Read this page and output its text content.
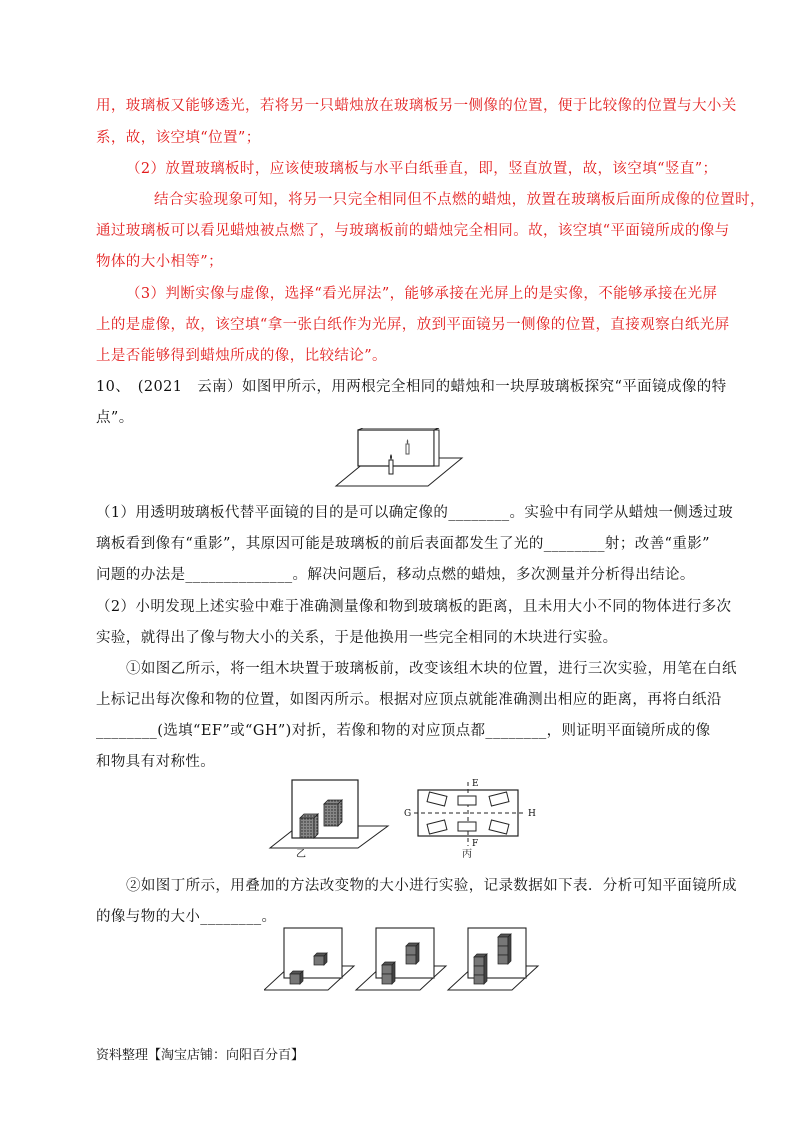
用，玻璃板又能够透光，若将另一只蜡烛放在玻璃板另一侧像的位置，便于比较像的位置与大小关
系，故，该空填“位置”；
（2）放置玻璃板时，应该使玻璃板与水平白纸垂直，即，竖直放置，故，该空填“竖直”；
结合实验现象可知，将另一只完全相同但不点燃的蜡烛，放置在玻璃板后面所成像的位置时，
通过玻璃板可以看见蜡烛被点燃了，与玻璃板前的蜡烛完全相同。故，该空填“平面镜所成的像与
物体的大小相等”；
（3）判断实像与虚像，选择“看光屏法”，能够承接在光屏上的是实像，不能够承接在光屏
上的是虚像，故，该空填“拿一张白纸作为光屏，放到平面镜另一侧像的位置，直接观察白纸光屏
上是否能够得到蜡烛所成的像，比较结论”。
10、　(2021　云南）如图甲所示，用两根完全相同的蜡烛和一块厚玻璃板探究“平面镜成像的特
点”。
（1）用透明玻璃板代替平面镜的目的是可以确定像的________。实验中有同学从蜡烛一侧透过玻
璃板看到像有“重影”，其原因可能是玻璃板的前后表面都发生了光的________射；改善“重影”
问题的办法是______________。解决问题后，移动点燃的蜡烛，多次测量并分析得出结论。
（2）小明发现上述实验中难于准确测量像和物到玻璃板的距离，且未用大小不同的物体进行多次
实验，就得出了像与物大小的关系，于是他换用一些完全相同的木块进行实验。
①如图乙所示，将一组木块置于玻璃板前，改变该组木块的位置，进行三次实验，用笔在白纸
上标记出每次像和物的位置，如图丙所示。根据对应顶点就能准确测出相应的距离，再将白纸沿
________(选填“EF”或“GH”)对折，若像和物的对应顶点都________，则证明平面镜所成的像
和物具有对称性。
乙
E
F
G	H
丙
②如图丁所示，用叠加的方法改变物的大小进行实验，记录数据如下表．分析可知平面镜所成
的像与物的大小________。
资料整理【淘宝店铺：向阳百分百】
